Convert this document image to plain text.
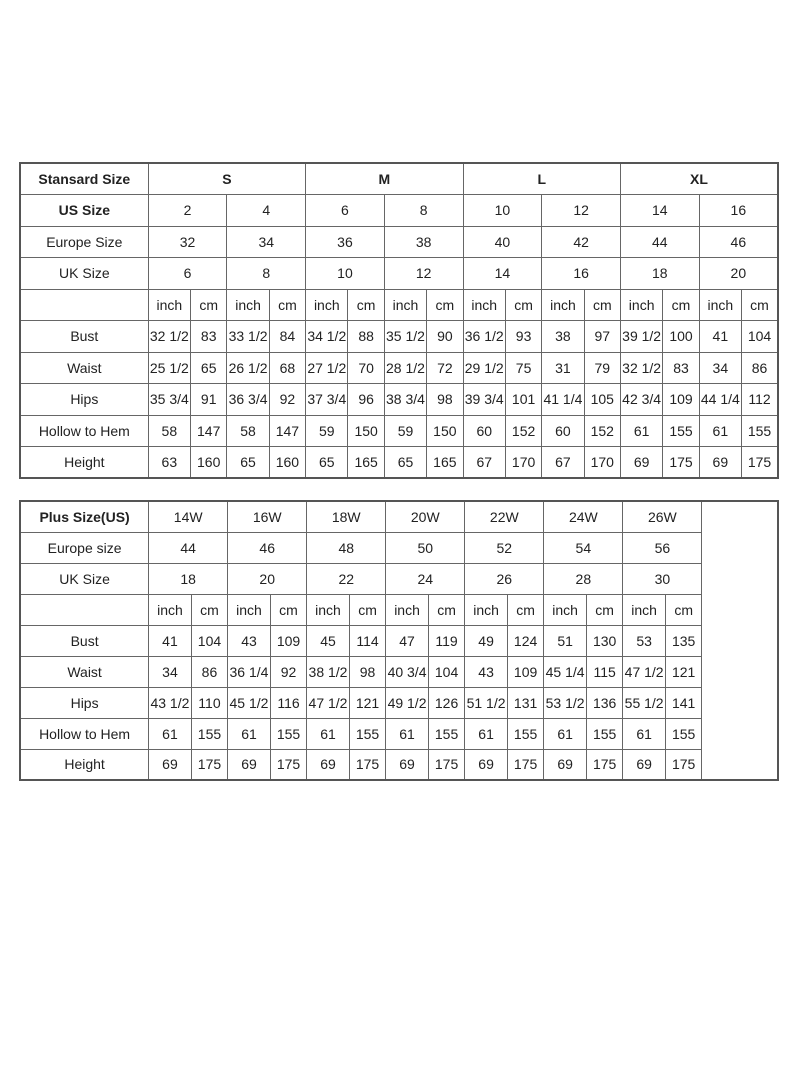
Stansard Size	S				M				L				XL			
US Size	2		4		6		8		10		12		14		16	
Europe Size	32		34		36		38		40		42		44		46	
UK Size	6		8		10		12		14		16		18		20	
	inch	cm	inch	cm	inch	cm	inch	cm	inch	cm	inch	cm	inch	cm	inch	cm
Bust	32 1/2	83	33 1/2	84	34 1/2	88	35 1/2	90	36 1/2	93	38	97	39 1/2	100	41	104
Waist	25 1/2	65	26 1/2	68	27 1/2	70	28 1/2	72	29 1/2	75	31	79	32 1/2	83	34	86
Hips	35 3/4	91	36 3/4	92	37 3/4	96	38 3/4	98	39 3/4	101	41 1/4	105	42 3/4	109	44 1/4	112
Hollow to Hem	58	147	58	147	59	150	59	150	60	152	60	152	61	155	61	155
Height	63	160	65	160	65	165	65	165	67	170	67	170	69	175	69	175
Plus Size(US)	14W		16W		18W		20W		22W		24W		26W		
Europe size	44		46		48		50		52		54		56		
UK Size	18		20		22		24		26		28		30		
	inch	cm	inch	cm	inch	cm	inch	cm	inch	cm	inch	cm	inch	cm	
Bust	41	104	43	109	45	114	47	119	49	124	51	130	53	135	
Waist	34	86	36 1/4	92	38 1/2	98	40 3/4	104	43	109	45 1/4	115	47 1/2	121	
Hips	43 1/2	110	45 1/2	116	47 1/2	121	49 1/2	126	51 1/2	131	53 1/2	136	55 1/2	141	
Hollow to Hem	61	155	61	155	61	155	61	155	61	155	61	155	61	155	
Height	69	175	69	175	69	175	69	175	69	175	69	175	69	175	
